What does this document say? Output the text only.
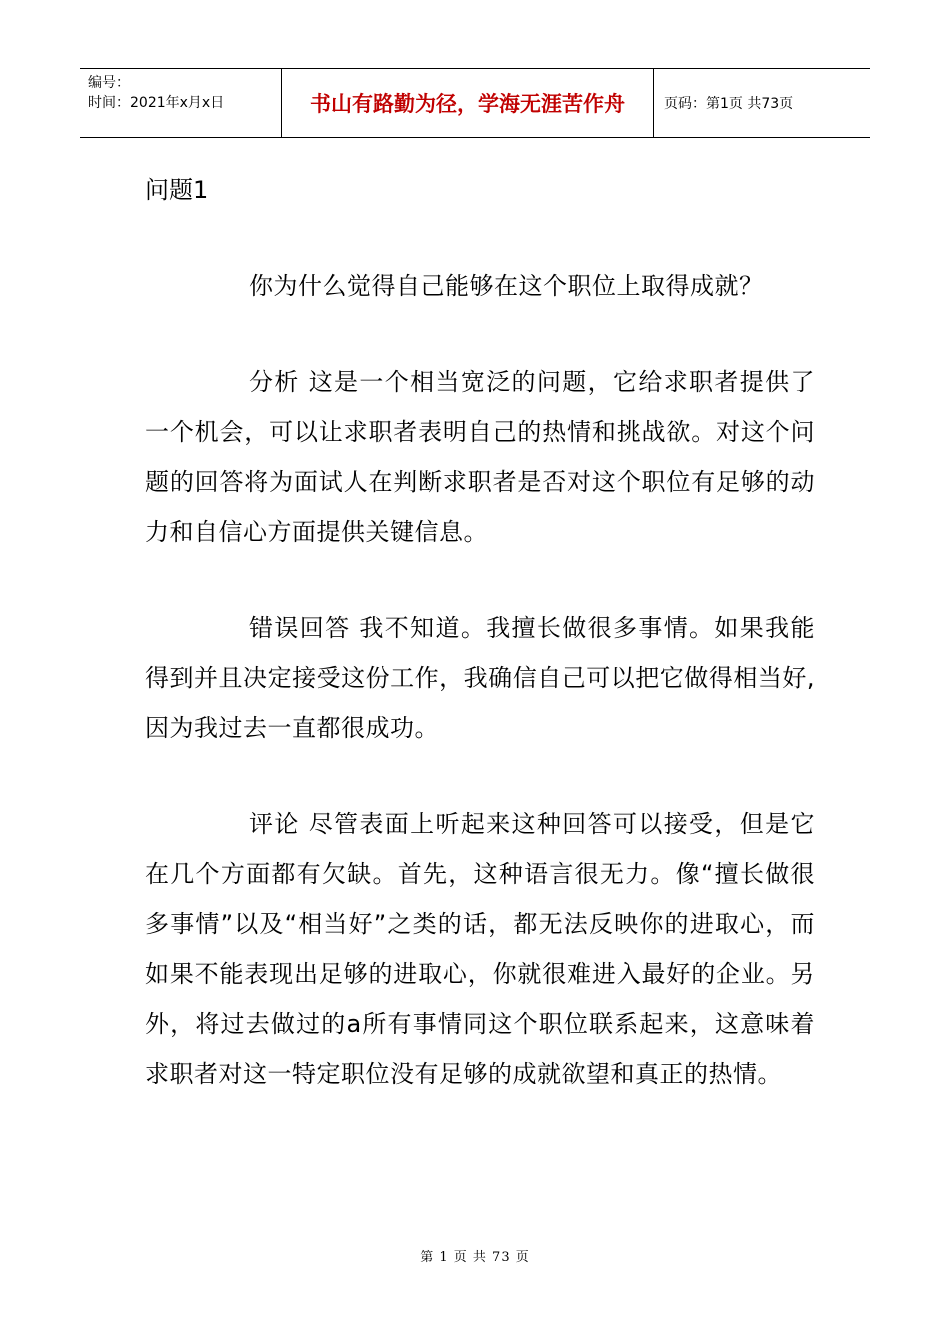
编号：
时间：2021年x月x日	书山有路勤为径，学海无涯苦作舟	页码：第1页 共73页

问题1

你为什么觉得自己能够在这个职位上取得成就？

分析 这是一个相当宽泛的问题，它给求职者提供了一个机会，可以让求职者表明自己的热情和挑战欲。对这个问题的回答将为面试人在判断求职者是否对这个职位有足够的动力和自信心方面提供关键信息。

错误回答 我不知道。我擅长做很多事情。如果我能得到并且决定接受这份工作，我确信自己可以把它做得相当好,因为我过去一直都很成功。

评论 尽管表面上听起来这种回答可以接受，但是它在几个方面都有欠缺。首先，这种语言很无力。像“擅长做很多事情”以及“相当好”之类的话，都无法反映你的进取心，而如果不能表现出足够的进取心，你就很难进入最好的企业。另外，将过去做过的a所有事情同这个职位联系起来，这意味着求职者对这一特定职位没有足够的成就欲望和真正的热情。

第 1 页 共 73 页
